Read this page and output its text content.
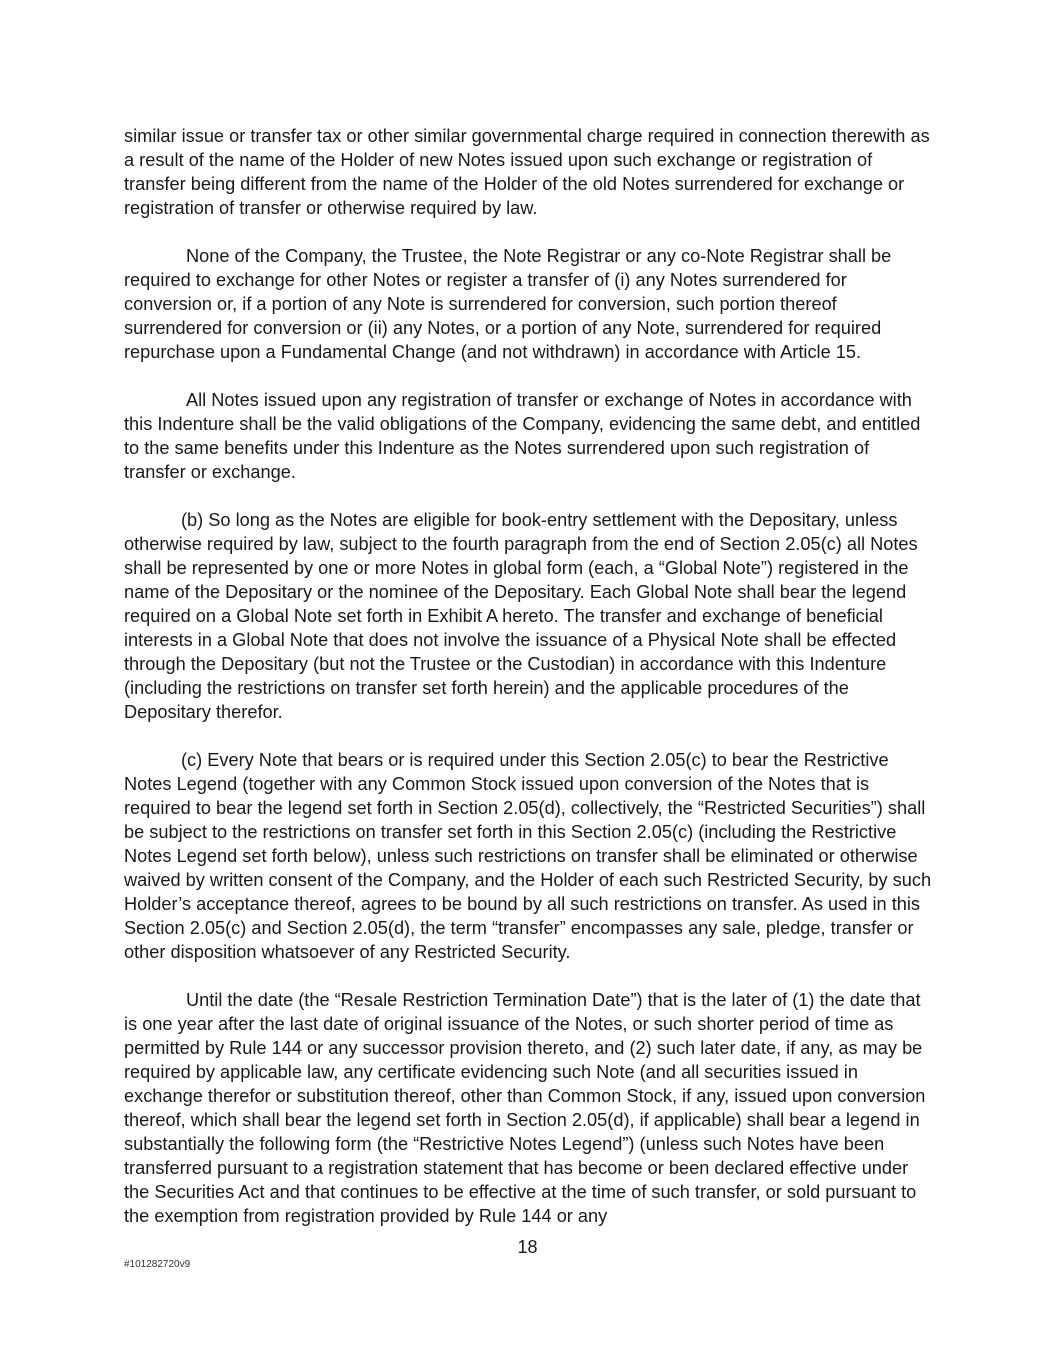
similar issue or transfer tax or other similar governmental charge required in connection therewith as a result of the name of the Holder of new Notes issued upon such exchange or registration of transfer being different from the name of the Holder of the old Notes surrendered for exchange or registration of transfer or otherwise required by law.

None of the Company, the Trustee, the Note Registrar or any co-Note Registrar shall be required to exchange for other Notes or register a transfer of (i) any Notes surrendered for conversion or, if a portion of any Note is surrendered for conversion, such portion thereof surrendered for conversion or (ii) any Notes, or a portion of any Note, surrendered for required repurchase upon a Fundamental Change (and not withdrawn) in accordance with Article 15.

All Notes issued upon any registration of transfer or exchange of Notes in accordance with this Indenture shall be the valid obligations of the Company, evidencing the same debt, and entitled to the same benefits under this Indenture as the Notes surrendered upon such registration of transfer or exchange.

(b) So long as the Notes are eligible for book-entry settlement with the Depositary, unless otherwise required by law, subject to the fourth paragraph from the end of Section 2.05(c) all Notes shall be represented by one or more Notes in global form (each, a “Global Note”) registered in the name of the Depositary or the nominee of the Depositary. Each Global Note shall bear the legend required on a Global Note set forth in Exhibit A hereto. The transfer and exchange of beneficial interests in a Global Note that does not involve the issuance of a Physical Note shall be effected through the Depositary (but not the Trustee or the Custodian) in accordance with this Indenture (including the restrictions on transfer set forth herein) and the applicable procedures of the Depositary therefor.

(c) Every Note that bears or is required under this Section 2.05(c) to bear the Restrictive Notes Legend (together with any Common Stock issued upon conversion of the Notes that is required to bear the legend set forth in Section 2.05(d), collectively, the “Restricted Securities”) shall be subject to the restrictions on transfer set forth in this Section 2.05(c) (including the Restrictive Notes Legend set forth below), unless such restrictions on transfer shall be eliminated or otherwise waived by written consent of the Company, and the Holder of each such Restricted Security, by such Holder’s acceptance thereof, agrees to be bound by all such restrictions on transfer. As used in this Section 2.05(c) and Section 2.05(d), the term “transfer” encompasses any sale, pledge, transfer or other disposition whatsoever of any Restricted Security.

Until the date (the “Resale Restriction Termination Date”) that is the later of (1) the date that is one year after the last date of original issuance of the Notes, or such shorter period of time as permitted by Rule 144 or any successor provision thereto, and (2) such later date, if any, as may be required by applicable law, any certificate evidencing such Note (and all securities issued in exchange therefor or substitution thereof, other than Common Stock, if any, issued upon conversion thereof, which shall bear the legend set forth in Section 2.05(d), if applicable) shall bear a legend in substantially the following form (the “Restrictive Notes Legend”) (unless such Notes have been transferred pursuant to a registration statement that has become or been declared effective under the Securities Act and that continues to be effective at the time of such transfer, or sold pursuant to the exemption from registration provided by Rule 144 or any

18
#101282720v9
